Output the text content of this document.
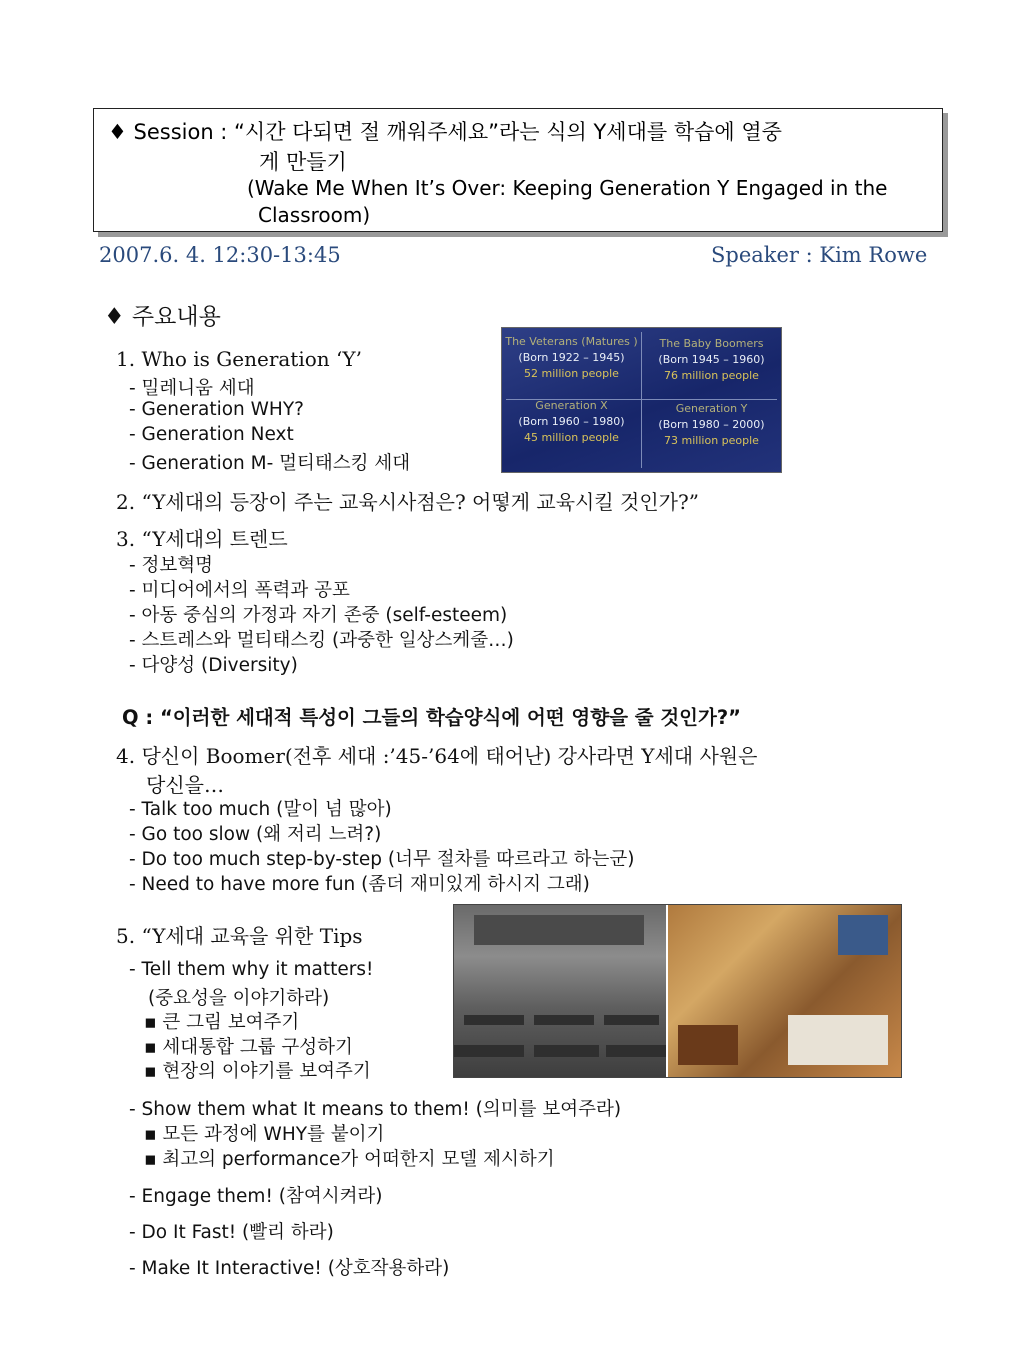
♦ Session : “시간 다되면 절 깨워주세요”라는 식의 Y세대를 학습에 열중
게 만들기
(Wake Me When It’s Over: Keeping Generation Y Engaged in the
Classroom)
2007.6. 4. 12:30-13:45	Speaker : Kim Rowe
♦ 주요내용
1. Who is Generation ‘Y’
- 밀레니움 세대
- Generation WHY?
- Generation Next
- Generation M- 멀티태스킹 세대
The Veterans (Matures )
(Born 1922 – 1945)
52 million people
The Baby Boomers
(Born 1945 – 1960)
76 million people
Generation X
(Born 1960 – 1980)
45 million people
Generation Y
(Born 1980 – 2000)
73 million people
2. “Y세대의 등장이 주는 교육시사점은? 어떻게 교육시킬 것인가?”
3. “Y세대의 트렌드
- 정보혁명
- 미디어에서의 폭력과 공포
- 아동 중심의 가정과 자기 존중 (self-esteem)
- 스트레스와 멀티태스킹 (과중한 일상스케줄…)
- 다양성 (Diversity)
Q : “이러한 세대적 특성이 그들의 학습양식에 어떤 영향을 줄 것인가?”
4. 당신이 Boomer(전후 세대 :’45-’64에 태어난) 강사라면 Y세대 사원은
당신을…
- Talk too much (말이 넘 많아)
- Go too slow (왜 저리 느려?)
- Do too much step-by-step (너무 절차를 따르라고 하는군)
- Need to have more fun (좀더 재미있게 하시지 그래)
5. “Y세대 교육을 위한 Tips
- Tell them why it matters!
(중요성을 이야기하라)
▪ 큰 그림 보여주기
▪ 세대통합 그룹 구성하기
▪ 현장의 이야기를 보여주기
- Show them what It means to them! (의미를 보여주라)
▪ 모든 과정에 WHY를 붙이기
▪ 최고의 performance가 어떠한지 모델 제시하기
- Engage them! (참여시켜라)
- Do It Fast! (빨리 하라)
- Make It Interactive! (상호작용하라)
